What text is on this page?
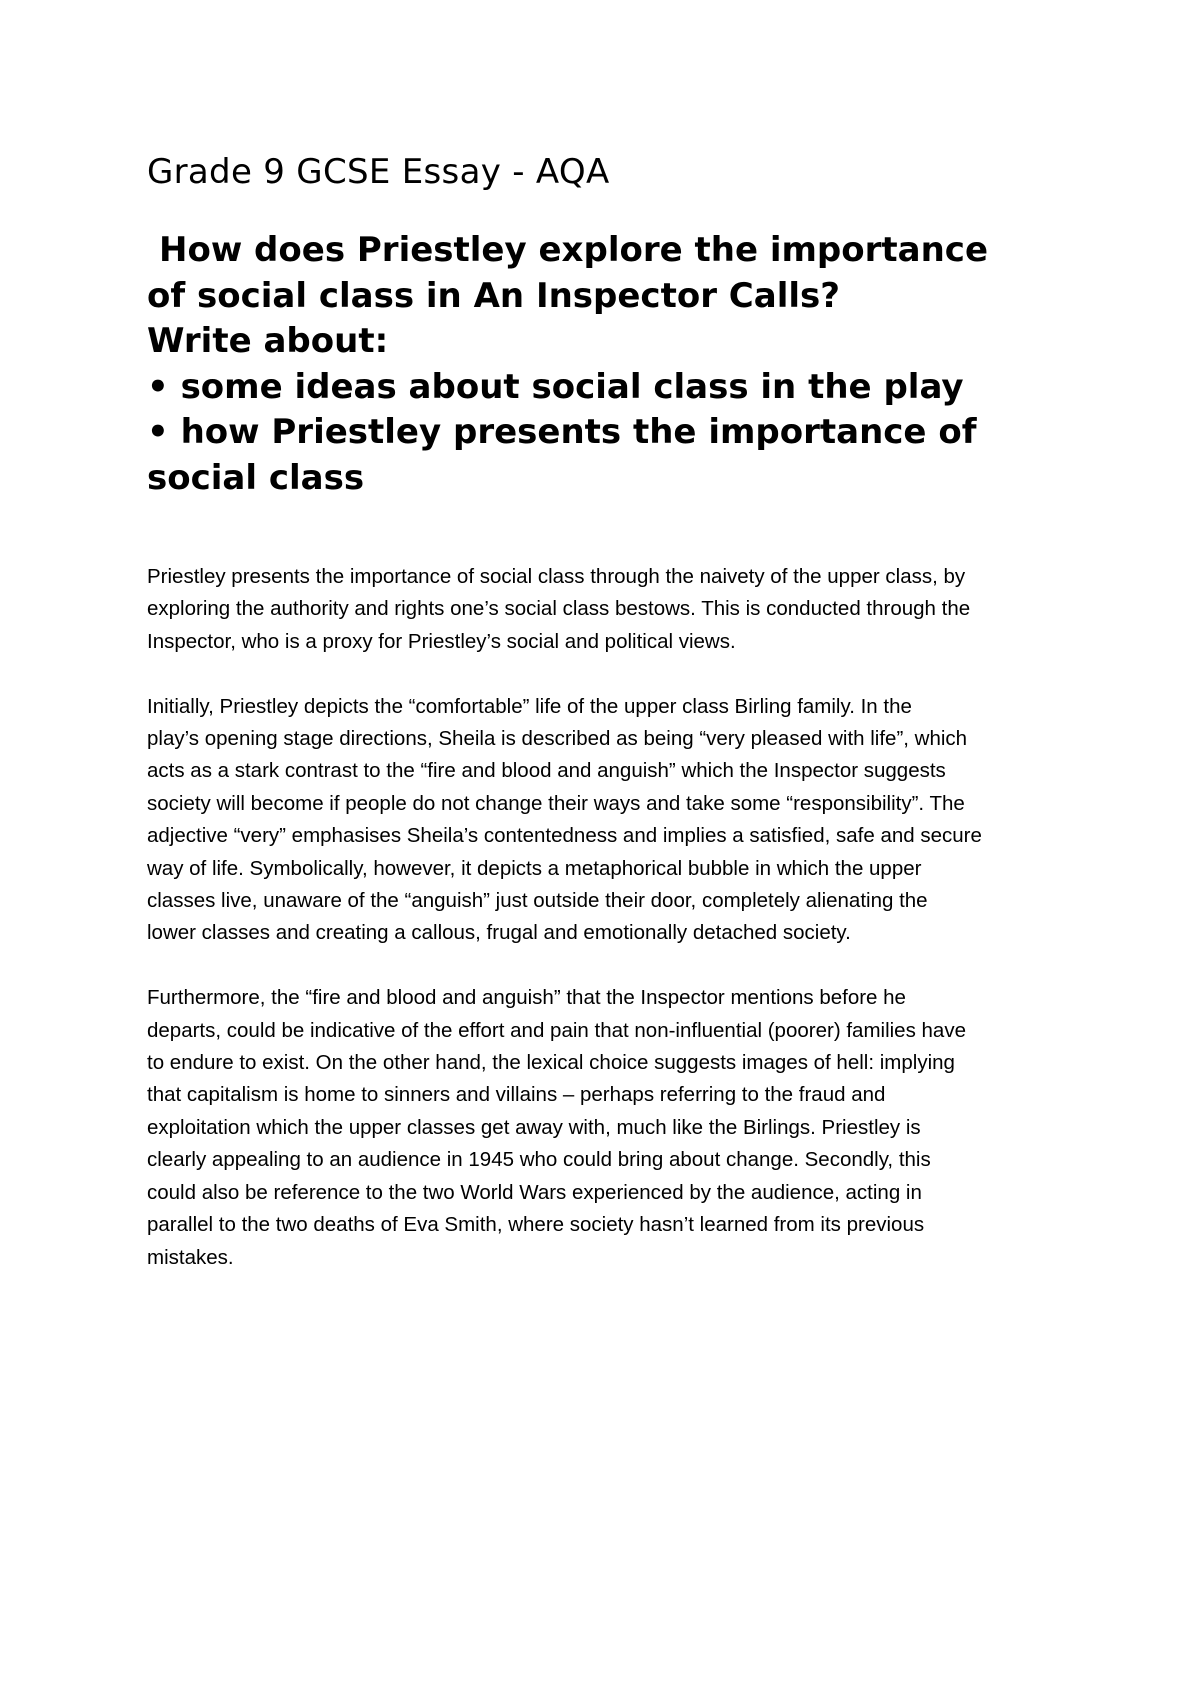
Grade 9 GCSE Essay - AQA
How does Priestley explore the importance
of social class in An Inspector Calls?
Write about:
• some ideas about social class in the play
• how Priestley presents the importance of
social class
Priestley presents the importance of social class through the naivety of the upper class, by
exploring the authority and rights one’s social class bestows. This is conducted through the
Inspector, who is a proxy for Priestley’s social and political views.
Initially, Priestley depicts the “comfortable” life of the upper class Birling family. In the
play’s opening stage directions, Sheila is described as being “very pleased with life”, which
acts as a stark contrast to the “fire and blood and anguish” which the Inspector suggests
society will become if people do not change their ways and take some “responsibility”. The
adjective “very” emphasises Sheila’s contentedness and implies a satisfied, safe and secure
way of life. Symbolically, however, it depicts a metaphorical bubble in which the upper
classes live, unaware of the “anguish” just outside their door, completely alienating the
lower classes and creating a callous, frugal and emotionally detached society.
Furthermore, the “fire and blood and anguish” that the Inspector mentions before he
departs, could be indicative of the effort and pain that non-influential (poorer) families have
to endure to exist. On the other hand, the lexical choice suggests images of hell: implying
that capitalism is home to sinners and villains – perhaps referring to the fraud and
exploitation which the upper classes get away with, much like the Birlings. Priestley is
clearly appealing to an audience in 1945 who could bring about change. Secondly, this
could also be reference to the two World Wars experienced by the audience, acting in
parallel to the two deaths of Eva Smith, where society hasn’t learned from its previous
mistakes.
